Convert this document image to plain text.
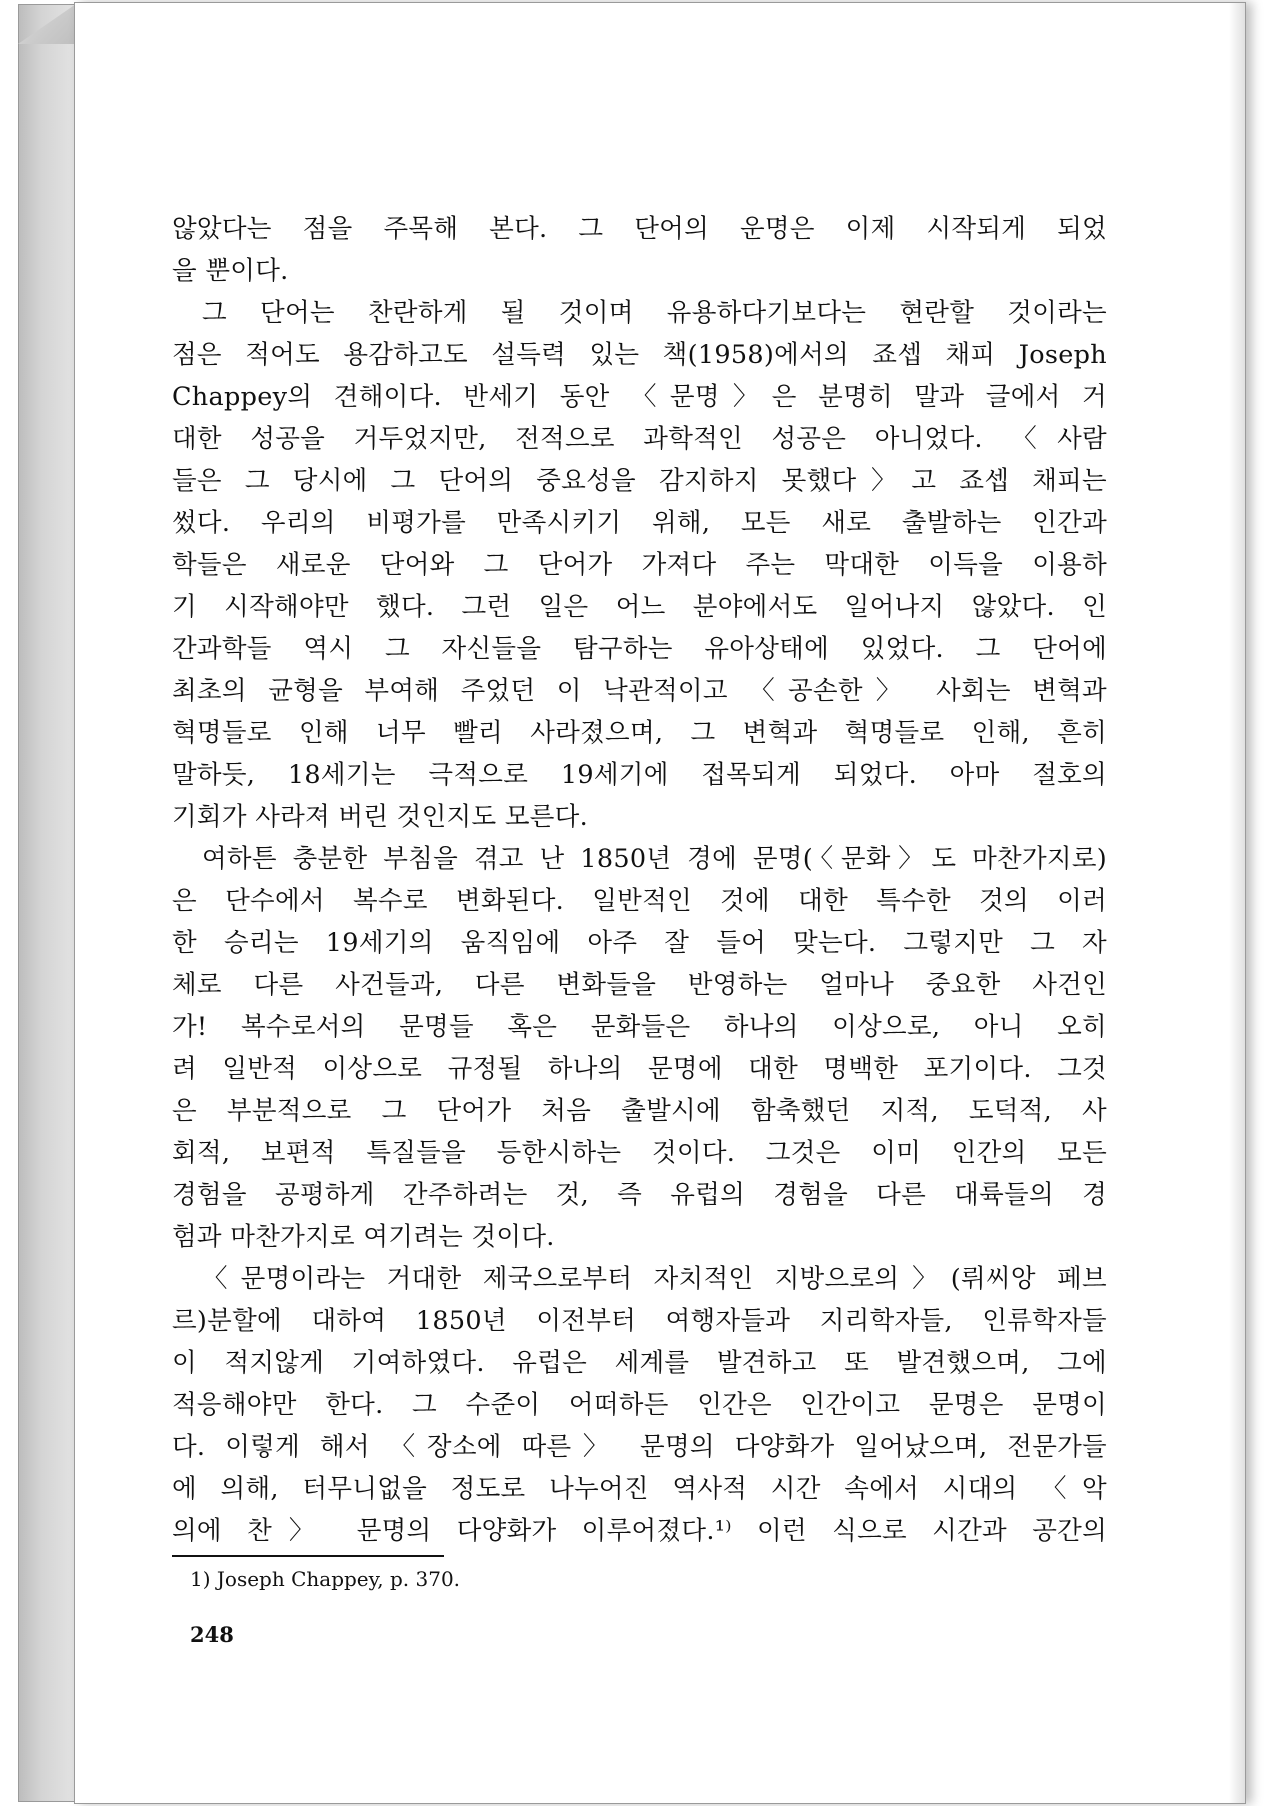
않았다는 점을 주목해 본다. 그 단어의 운명은 이제 시작되게 되었
을 뿐이다.
그 단어는 찬란하게 될 것이며 유용하다기보다는 현란할 것이라는
점은 적어도 용감하고도 설득력 있는 책(1958)에서의 죠셉 채피 Joseph
Chappey의 견해이다. 반세기 동안 〈문명〉은 분명히 말과 글에서 거
대한 성공을 거두었지만, 전적으로 과학적인 성공은 아니었다. 〈사람
들은 그 당시에 그 단어의 중요성을 감지하지 못했다〉고 죠셉 채피는
썼다. 우리의 비평가를 만족시키기 위해, 모든 새로 출발하는 인간과
학들은 새로운 단어와 그 단어가 가져다 주는 막대한 이득을 이용하
기 시작해야만 했다. 그런 일은 어느 분야에서도 일어나지 않았다. 인
간과학들 역시 그 자신들을 탐구하는 유아상태에 있었다. 그 단어에
최초의 균형을 부여해 주었던 이 낙관적이고 〈공손한〉 사회는 변혁과
혁명들로 인해 너무 빨리 사라졌으며, 그 변혁과 혁명들로 인해, 흔히
말하듯, 18세기는 극적으로 19세기에 접목되게 되었다. 아마 절호의
기회가 사라져 버린 것인지도 모른다.
여하튼 충분한 부침을 겪고 난 1850년 경에 문명(〈문화〉도 마찬가지로)
은 단수에서 복수로 변화된다. 일반적인 것에 대한 특수한 것의 이러
한 승리는 19세기의 움직임에 아주 잘 들어 맞는다. 그렇지만 그 자
체로 다른 사건들과, 다른 변화들을 반영하는 얼마나 중요한 사건인
가! 복수로서의 문명들 혹은 문화들은 하나의 이상으로, 아니 오히
려 일반적 이상으로 규정될 하나의 문명에 대한 명백한 포기이다. 그것
은 부분적으로 그 단어가 처음 출발시에 함축했던 지적, 도덕적, 사
회적, 보편적 특질들을 등한시하는 것이다. 그것은 이미 인간의 모든
경험을 공평하게 간주하려는 것, 즉 유럽의 경험을 다른 대륙들의 경
험과 마찬가지로 여기려는 것이다.
〈문명이라는 거대한 제국으로부터 자치적인 지방으로의〉(뤼씨앙 페브
르)분할에 대하여 1850년 이전부터 여행자들과 지리학자들, 인류학자들
이 적지않게 기여하였다. 유럽은 세계를 발견하고 또 발견했으며, 그에
적응해야만 한다. 그 수준이 어떠하든 인간은 인간이고 문명은 문명이
다. 이렇게 해서 〈장소에 따른〉 문명의 다양화가 일어났으며, 전문가들
에 의해, 터무니없을 정도로 나누어진 역사적 시간 속에서 시대의 〈악
의에 찬〉 문명의 다양화가 이루어졌다.¹⁾ 이런 식으로 시간과 공간의
1) Joseph Chappey, p. 370.
248
